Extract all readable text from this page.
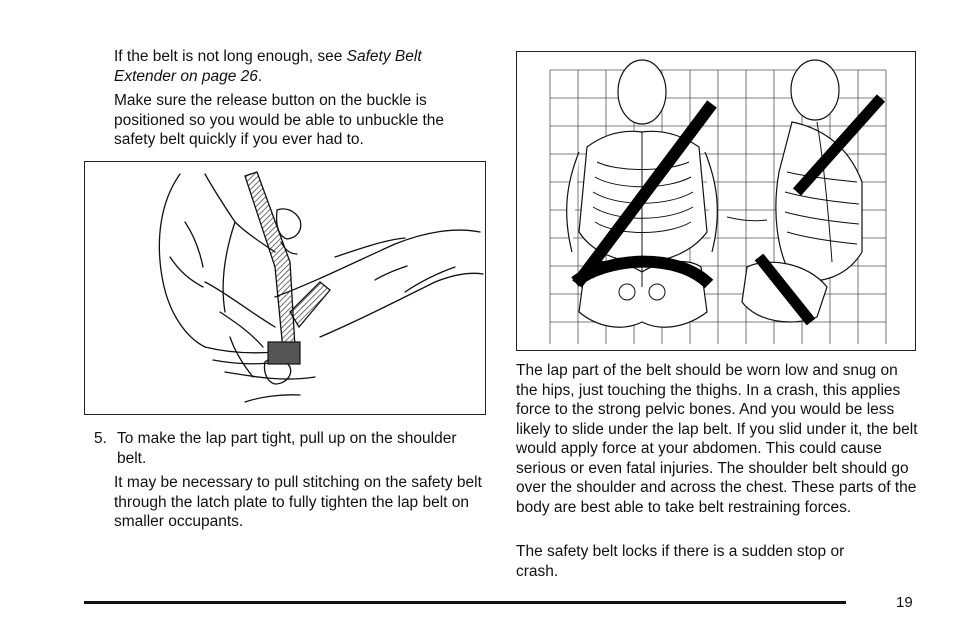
If the belt is not long enough, see Safety Belt Extender on page 26.

Make sure the release button on the buckle is positioned so you would be able to unbuckle the safety belt quickly if you ever had to.

5. To make the lap part tight, pull up on the shoulder belt.

It may be necessary to pull stitching on the safety belt through the latch plate to fully tighten the lap belt on smaller occupants.

The lap part of the belt should be worn low and snug on the hips, just touching the thighs. In a crash, this applies force to the strong pelvic bones. And you would be less likely to slide under the lap belt. If you slid under it, the belt would apply force at your abdomen. This could cause serious or even fatal injuries. The shoulder belt should go over the shoulder and across the chest. These parts of the body are best able to take belt restraining forces.

The safety belt locks if there is a sudden stop or crash.

19
